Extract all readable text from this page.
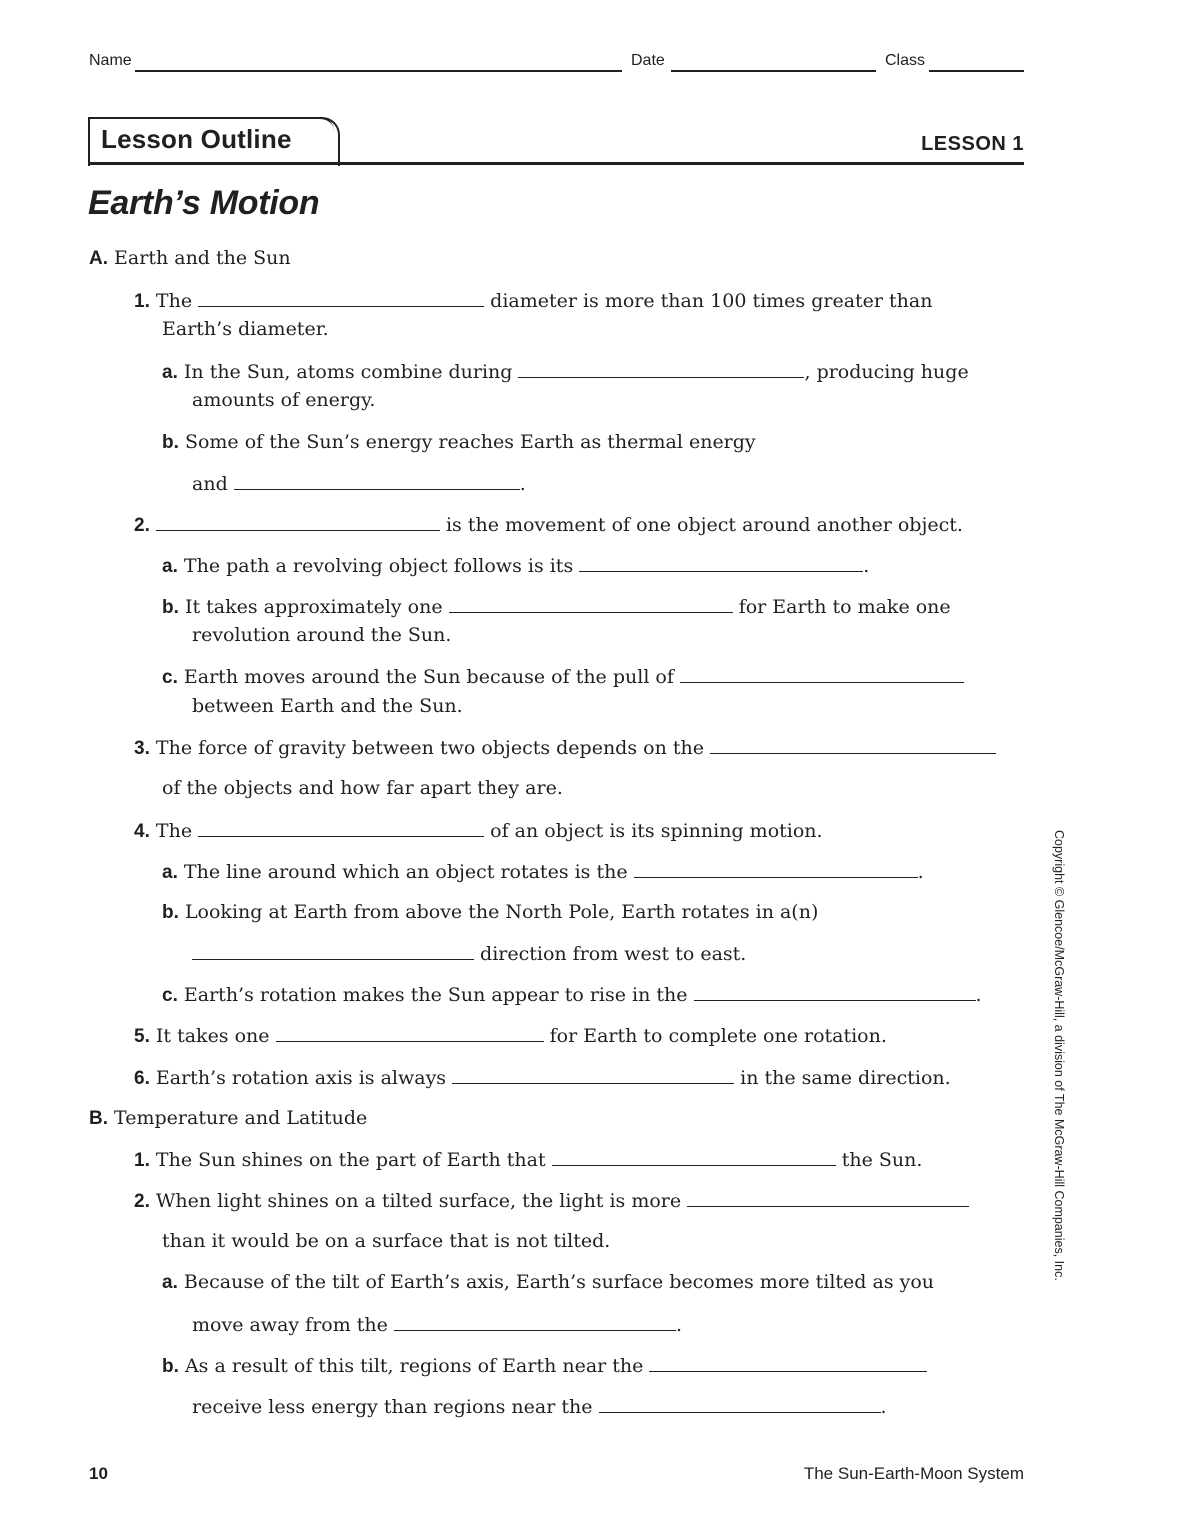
Name	Date	Class
Lesson Outline	LESSON 1
Earth’s Motion
A. Earth and the Sun
1. The	diameter is more than 100 times greater than
Earth’s diameter.
a. In the Sun, atoms combine during	, producing huge
amounts of energy.
b. Some of the Sun’s energy reaches Earth as thermal energy
and	.
2.	is the movement of one object around another object.
a. The path a revolving object follows is its	.
b. It takes approximately one	for Earth to make one
revolution around the Sun.
c. Earth moves around the Sun because of the pull of
between Earth and the Sun.
3. The force of gravity between two objects depends on the
of the objects and how far apart they are.
4. The	of an object is its spinning motion.
a. The line around which an object rotates is the	.
b. Looking at Earth from above the North Pole, Earth rotates in a(n)
direction from west to east.
c. Earth’s rotation makes the Sun appear to rise in the	.
5. It takes one	for Earth to complete one rotation.
6. Earth’s rotation axis is always	in the same direction.
B. Temperature and Latitude
1. The Sun shines on the part of Earth that	the Sun.
2. When light shines on a tilted surface, the light is more
than it would be on a surface that is not tilted.
a. Because of the tilt of Earth’s axis, Earth’s surface becomes more tilted as you
move away from the	.
b. As a result of this tilt, regions of Earth near the
receive less energy than regions near the	.
Copyright © Glencoe/McGraw-Hill, a division of The McGraw-Hill Companies, Inc.
10	The Sun-Earth-Moon System
